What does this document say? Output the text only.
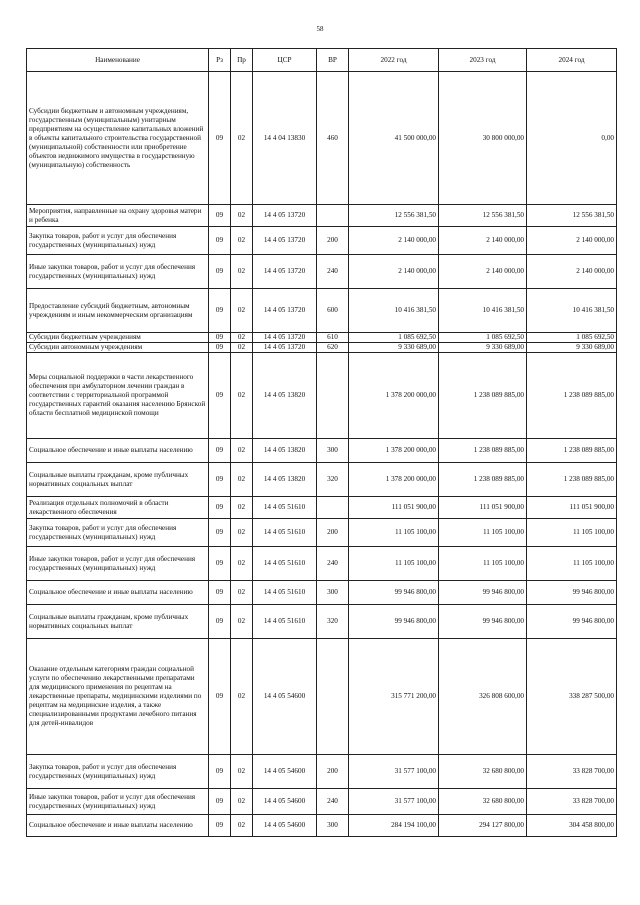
58
Наименование	Рз	Пр	ЦСР	ВР	2022 год	2023 год	2024 год
Субсидии бюджетным и автономным учреждениям, государственным (муниципальным) унитарным предприятиям на осуществление капитальных вложений в объекты капитального строительства государственной (муниципальной) собственности или приобретение объектов недвижимого имущества в государственную (муниципальную) собственность	09	02	14 4 04 13830	460	41 500 000,00	30 800 000,00	0,00
Мероприятия, направленные на охрану здоровья матери и ребенка	09	02	14 4 05 13720		12 556 381,50	12 556 381,50	12 556 381,50
Закупка товаров, работ и услуг для обеспечения государственных (муниципальных) нужд	09	02	14 4 05 13720	200	2 140 000,00	2 140 000,00	2 140 000,00
Иные закупки товаров, работ и услуг для обеспечения государственных (муниципальных) нужд	09	02	14 4 05 13720	240	2 140 000,00	2 140 000,00	2 140 000,00
Предоставление субсидий бюджетным, автономным учреждениям и иным некоммерческим организациям	09	02	14 4 05 13720	600	10 416 381,50	10 416 381,50	10 416 381,50
Субсидии бюджетным учреждениям	09	02	14 4 05 13720	610	1 085 692,50	1 085 692,50	1 085 692,50
Субсидии автономным учреждениям	09	02	14 4 05 13720	620	9 330 689,00	9 330 689,00	9 330 689,00
Меры социальной поддержки в части лекарственного обеспечения при амбулаторном лечении граждан в соответствии с территориальной программой государственных гарантий оказания населению Брянской области бесплатной медицинской помощи	09	02	14 4 05 13820		1 378 200 000,00	1 238 089 885,00	1 238 089 885,00
Социальное обеспечение и иные выплаты населению	09	02	14 4 05 13820	300	1 378 200 000,00	1 238 089 885,00	1 238 089 885,00
Социальные выплаты гражданам, кроме публичных нормативных социальных выплат	09	02	14 4 05 13820	320	1 378 200 000,00	1 238 089 885,00	1 238 089 885,00
Реализация отдельных полномочий в области лекарственного обеспечения	09	02	14 4 05 51610		111 051 900,00	111 051 900,00	111 051 900,00
Закупка товаров, работ и услуг для обеспечения государственных (муниципальных) нужд	09	02	14 4 05 51610	200	11 105 100,00	11 105 100,00	11 105 100,00
Иные закупки товаров, работ и услуг для обеспечения государственных (муниципальных) нужд	09	02	14 4 05 51610	240	11 105 100,00	11 105 100,00	11 105 100,00
Социальное обеспечение и иные выплаты населению	09	02	14 4 05 51610	300	99 946 800,00	99 946 800,00	99 946 800,00
Социальные выплаты гражданам, кроме публичных нормативных социальных выплат	09	02	14 4 05 51610	320	99 946 800,00	99 946 800,00	99 946 800,00
Оказание отдельным категориям граждан социальной услуги по обеспечению лекарственными препаратами для медицинского применения по рецептам на лекарственные препараты, медицинскими изделиями по рецептам на медицинские изделия, а также специализированными продуктами лечебного питания для детей-инвалидов	09	02	14 4 05 54600		315 771 200,00	326 808 600,00	338 287 500,00
Закупка товаров, работ и услуг для обеспечения государственных (муниципальных) нужд	09	02	14 4 05 54600	200	31 577 100,00	32 680 800,00	33 828 700,00
Иные закупки товаров, работ и услуг для обеспечения государственных (муниципальных) нужд	09	02	14 4 05 54600	240	31 577 100,00	32 680 800,00	33 828 700,00
Социальное обеспечение и иные выплаты населению	09	02	14 4 05 54600	300	284 194 100,00	294 127 800,00	304 458 800,00
